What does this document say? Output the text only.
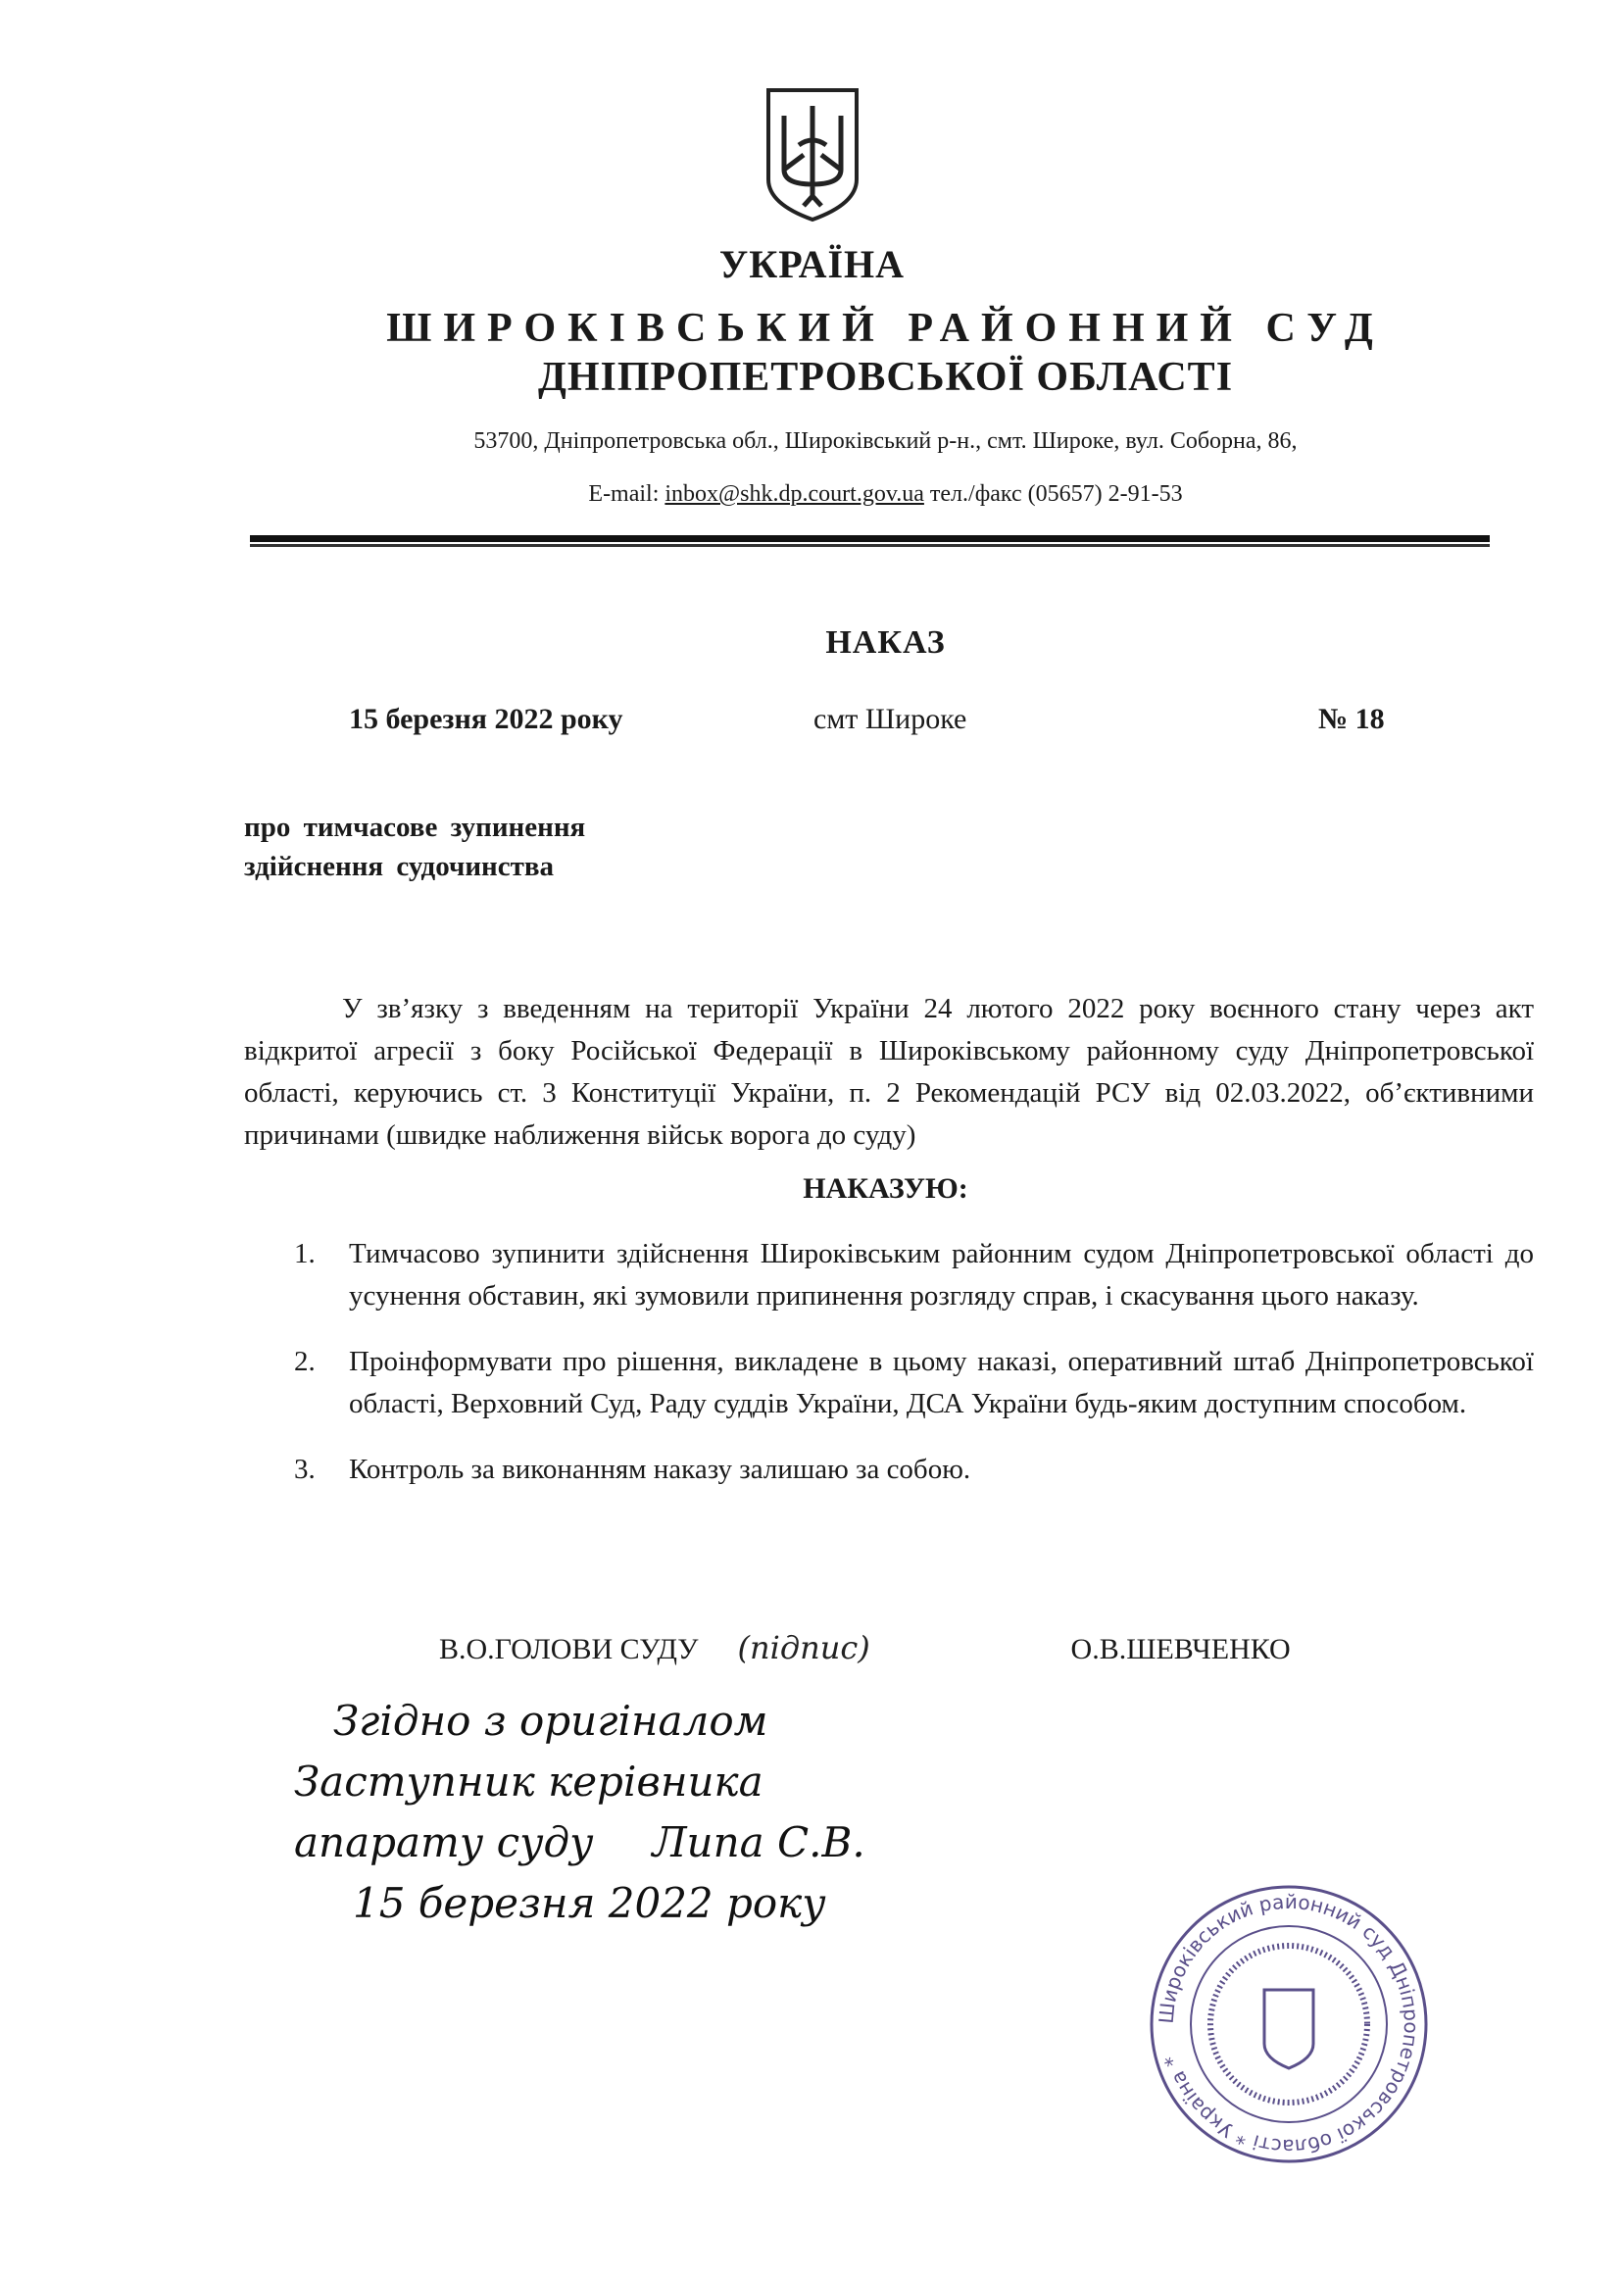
УКРАЇНА
ШИРОКІВСЬКИЙ РАЙОННИЙ СУД
ДНІПРОПЕТРОВСЬКОЇ ОБЛАСТІ
53700, Дніпропетровська обл., Широківський р-н., смт. Широке, вул. Соборна, 86,
E-mail: inbox@shk.dp.court.gov.ua тел./факс (05657) 2-91-53
НАКАЗ
15 березня 2022 року	смт Широке	№ 18
про тимчасове зупинення
здійснення судочинства
У зв’язку з введенням на території України 24 лютого 2022 року воєнного стану через акт відкритої агресії з боку Російської Федерації в Широківському районному суду Дніпропетровської області, керуючись ст. 3 Конституції України, п. 2 Рекомендацій РСУ від 02.03.2022, об’єктивними причинами (швидке наближення військ ворога до суду)
НАКАЗУЮ:
1.	Тимчасово зупинити здійснення Широківським районним судом Дніпропетровської області до усунення обставин, які зумовили припинення розгляду справ, і скасування цього наказу.
2.	Проінформувати про рішення, викладене в цьому наказі, оперативний штаб Дніпропетровської області, Верховний Суд, Раду суддів України, ДСА України будь-яким доступним способом.
3.	Контроль за виконанням наказу залишаю за собою.
В.О.ГОЛОВИ СУДУ (підпис)	О.В.ШЕВЧЕНКО
Згідно з оригіналом
Заступник керівника
апарату суду Липа С.В.
15 березня 2022 року
Широківський районний суд Дніпропетровської області * Україна *
